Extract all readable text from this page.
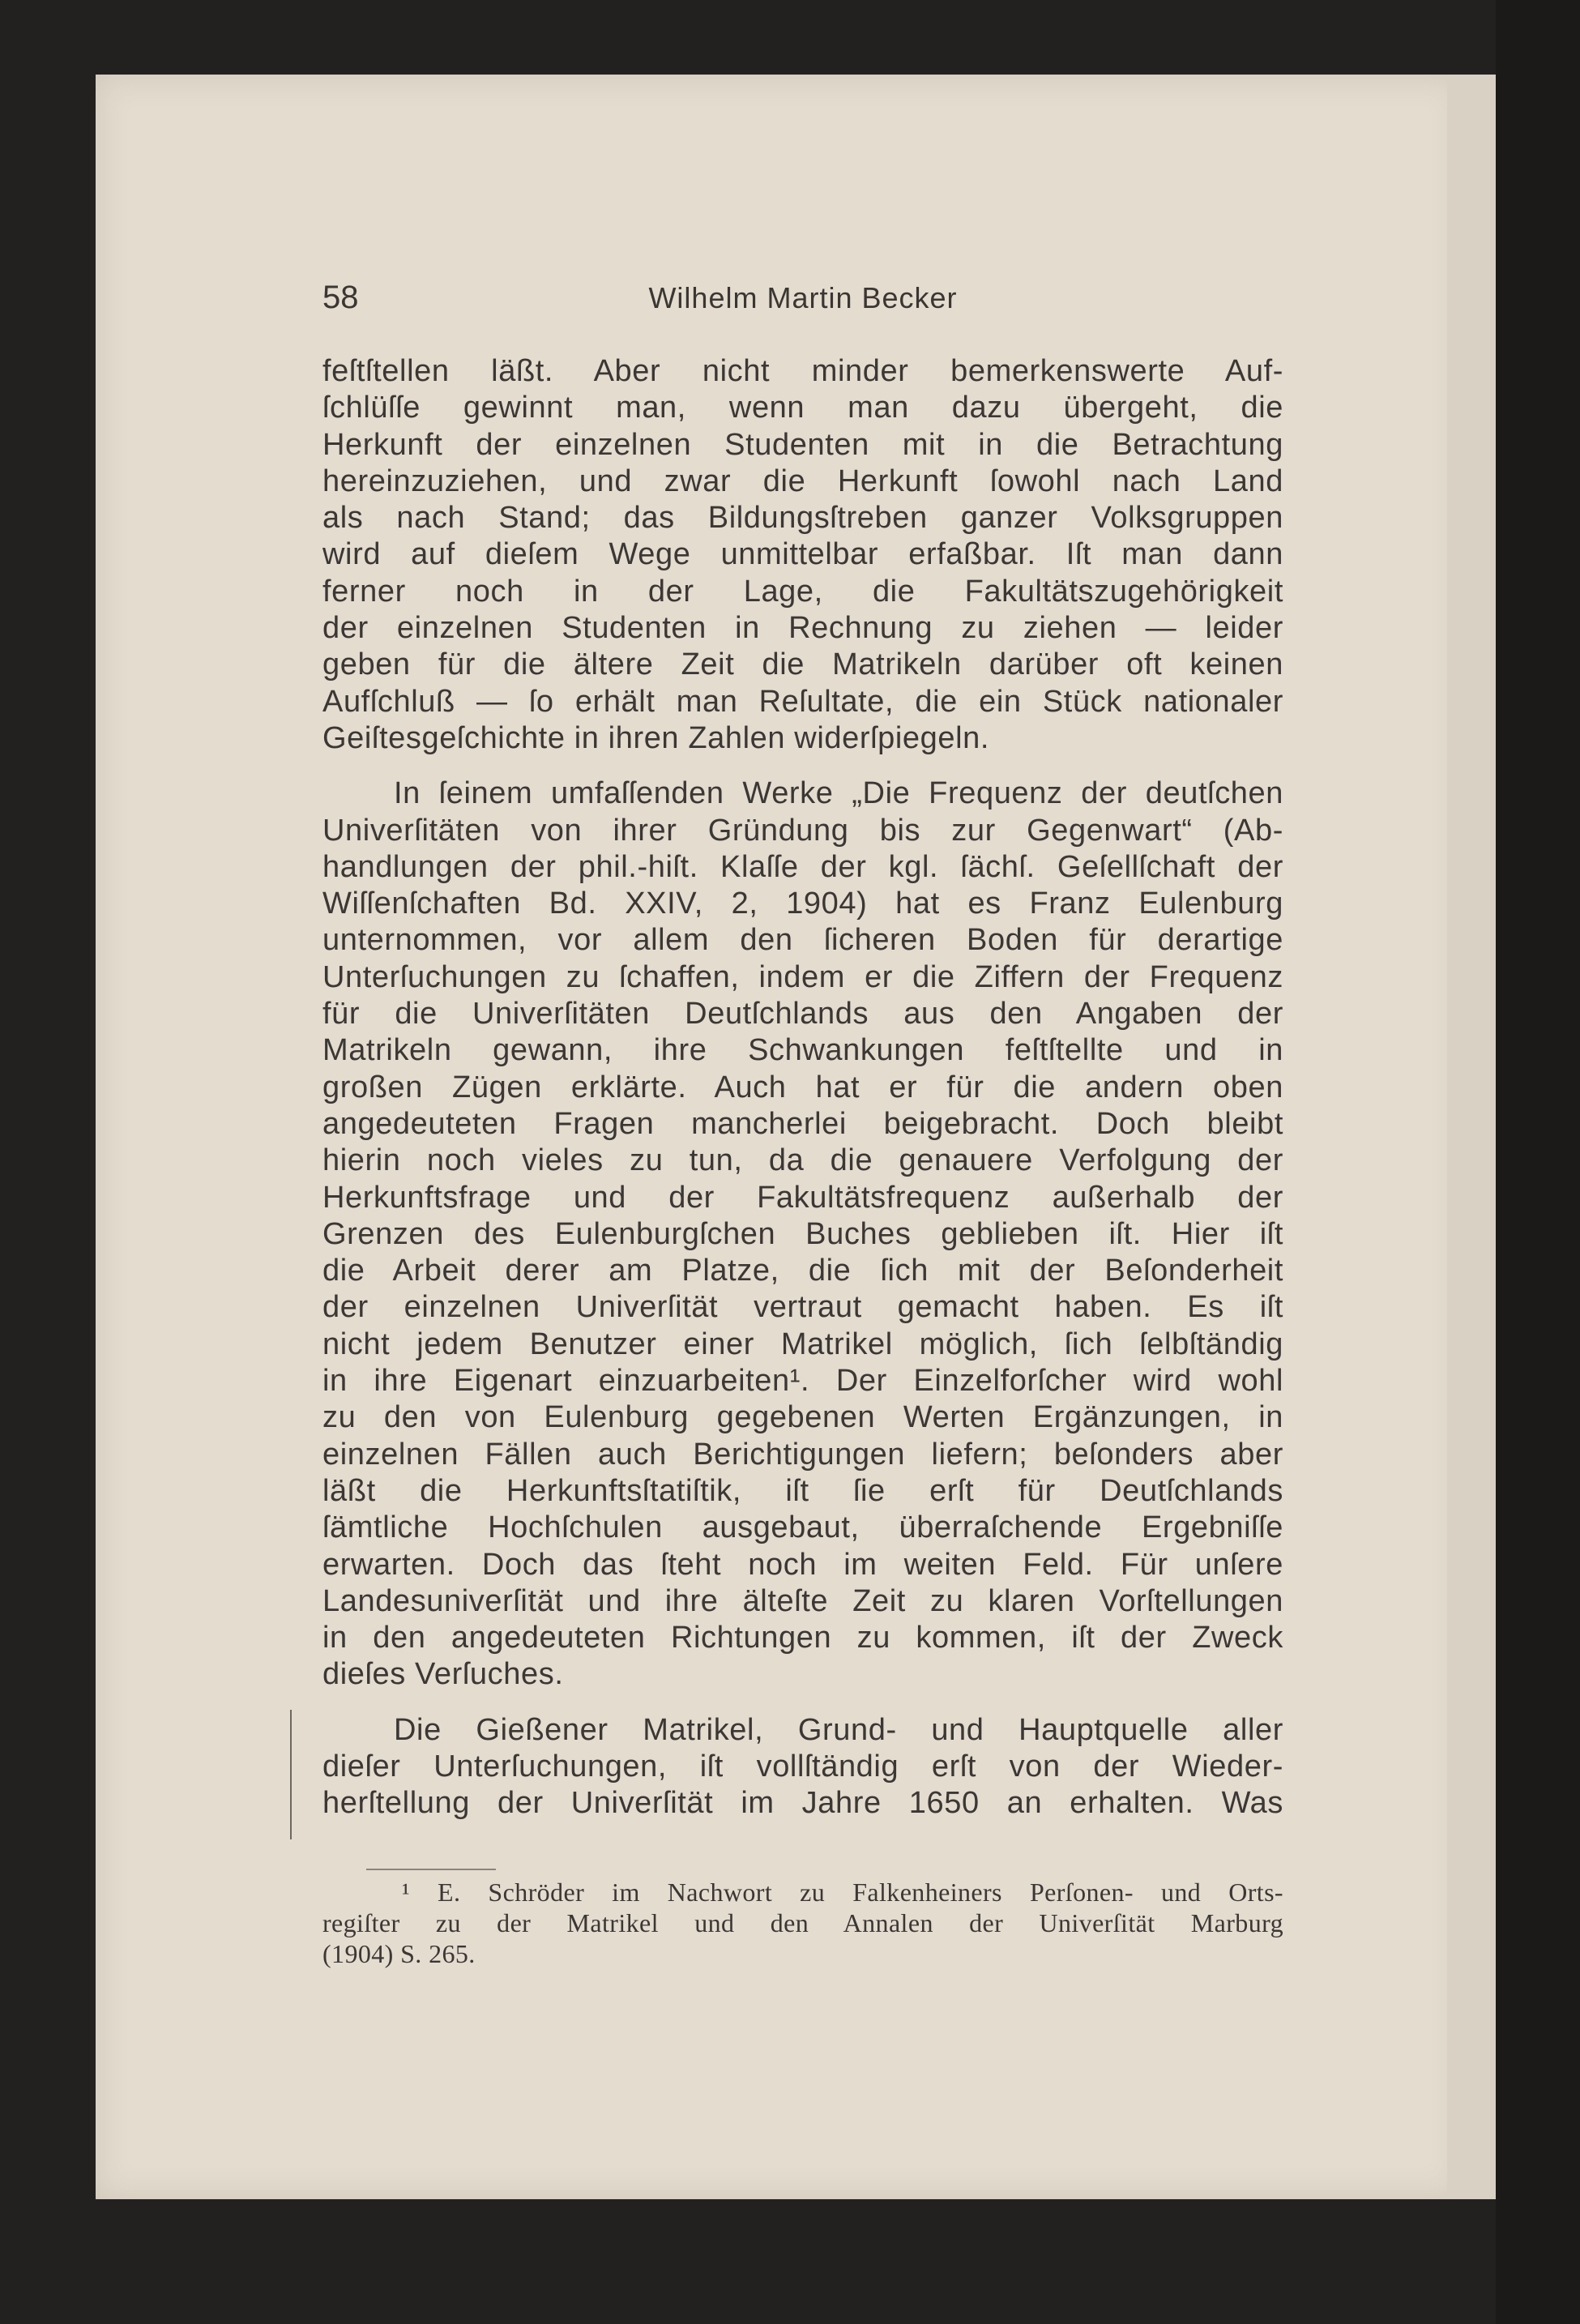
58	Wilhelm Martin Becker
feſtſtellen läßt. Aber nicht minder bemerkenswerte Auf-
ſchlüſſe gewinnt man, wenn man dazu übergeht, die
Herkunft der einzelnen Studenten mit in die Betrachtung
hereinzuziehen, und zwar die Herkunft ſowohl nach Land
als nach Stand; das Bildungsſtreben ganzer Volksgruppen
wird auf dieſem Wege unmittelbar erfaßbar. Iſt man dann
ferner noch in der Lage, die Fakultätszugehörigkeit
der einzelnen Studenten in Rechnung zu ziehen — leider
geben für die ältere Zeit die Matrikeln darüber oft keinen
Aufſchluß — ſo erhält man Reſultate, die ein Stück nationaler
Geiſtesgeſchichte in ihren Zahlen widerſpiegeln.
In ſeinem umfaſſenden Werke „Die Frequenz der deutſchen
Univerſitäten von ihrer Gründung bis zur Gegenwart“ (Ab-
handlungen der phil.-hiſt. Klaſſe der kgl. ſächſ. Geſellſchaft der
Wiſſenſchaften Bd. XXIV, 2, 1904) hat es Franz Eulenburg
unternommen, vor allem den ſicheren Boden für derartige
Unterſuchungen zu ſchaffen, indem er die Ziffern der Frequenz
für die Univerſitäten Deutſchlands aus den Angaben der
Matrikeln gewann, ihre Schwankungen feſtſtellte und in
großen Zügen erklärte. Auch hat er für die andern oben
angedeuteten Fragen mancherlei beigebracht. Doch bleibt
hierin noch vieles zu tun, da die genauere Verfolgung der
Herkunftsfrage und der Fakultätsfrequenz außerhalb der
Grenzen des Eulenburgſchen Buches geblieben iſt. Hier iſt
die Arbeit derer am Platze, die ſich mit der Beſonderheit
der einzelnen Univerſität vertraut gemacht haben. Es iſt
nicht jedem Benutzer einer Matrikel möglich, ſich ſelbſtändig
in ihre Eigenart einzuarbeiten¹. Der Einzelforſcher wird wohl
zu den von Eulenburg gegebenen Werten Ergänzungen, in
einzelnen Fällen auch Berichtigungen liefern; beſonders aber
läßt die Herkunftsſtatiſtik, iſt ſie erſt für Deutſchlands
ſämtliche Hochſchulen ausgebaut, überraſchende Ergebniſſe
erwarten. Doch das ſteht noch im weiten Feld. Für unſere
Landesuniverſität und ihre älteſte Zeit zu klaren Vorſtellungen
in den angedeuteten Richtungen zu kommen, iſt der Zweck
dieſes Verſuches.
Die Gießener Matrikel, Grund- und Hauptquelle aller
dieſer Unterſuchungen, iſt vollſtändig erſt von der Wieder-
herſtellung der Univerſität im Jahre 1650 an erhalten. Was
¹ E. Schröder im Nachwort zu Falkenheiners Perſonen- und Orts-
regiſter zu der Matrikel und den Annalen der Univerſität Marburg
(1904) S. 265.
